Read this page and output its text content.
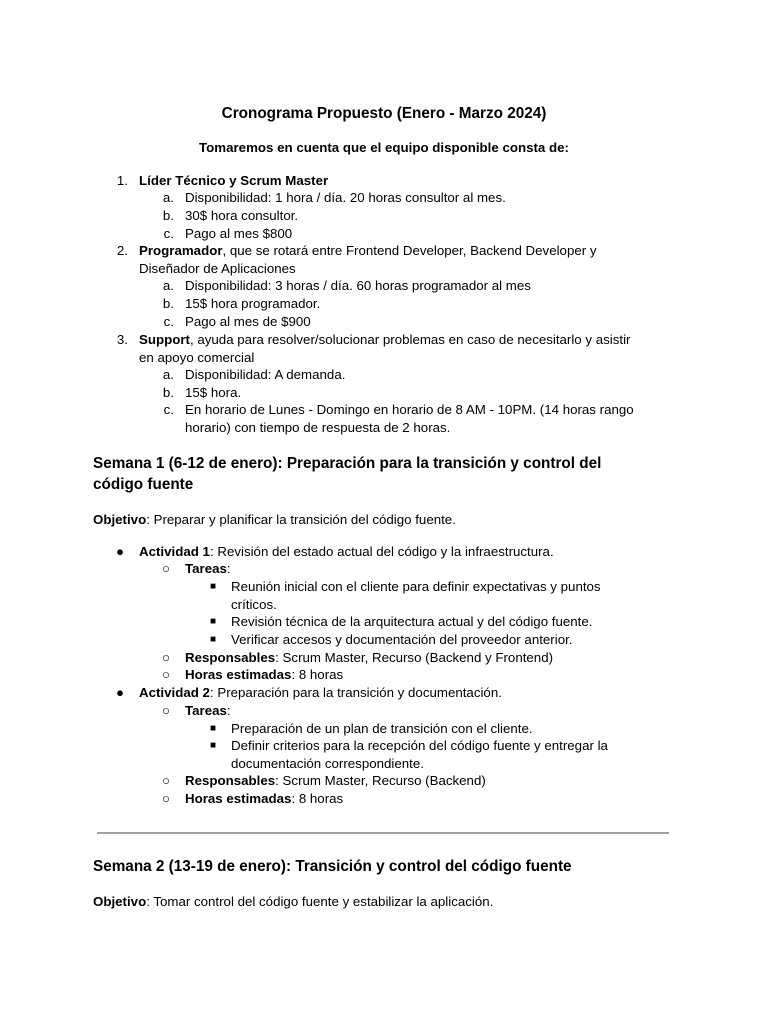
Cronograma Propuesto (Enero - Marzo 2024)
Tomaremos en cuenta que el equipo disponible consta de:
1. Líder Técnico y Scrum Master
a. Disponibilidad: 1 hora / día. 20 horas consultor al mes.
b. 30$ hora consultor.
c. Pago al mes $800
2. Programador, que se rotará entre Frontend Developer, Backend Developer y
Diseñador de Aplicaciones
a. Disponibilidad: 3 horas / día. 60 horas programador al mes
b. 15$ hora programador.
c. Pago al mes de $900
3. Support, ayuda para resolver/solucionar problemas en caso de necesitarlo y asistir
en apoyo comercial
a. Disponibilidad: A demanda.
b. 15$ hora.
c. En horario de Lunes - Domingo en horario de 8 AM - 10PM. (14 horas rango
horario) con tiempo de respuesta de 2 horas.
Semana 1 (6-12 de enero): Preparación para la transición y control del
código fuente
Objetivo: Preparar y planificar la transición del código fuente.
● Actividad 1: Revisión del estado actual del código y la infraestructura.
○ Tareas:
■	Reunión inicial con el cliente para definir expectativas y puntos
críticos.
■	Revisión técnica de la arquitectura actual y del código fuente.
■	Verificar accesos y documentación del proveedor anterior.
○ Responsables: Scrum Master, Recurso (Backend y Frontend)
○ Horas estimadas: 8 horas
● Actividad 2: Preparación para la transición y documentación.
○ Tareas:
■	Preparación de un plan de transición con el cliente.
■	Definir criterios para la recepción del código fuente y entregar la
documentación correspondiente.
○ Responsables: Scrum Master, Recurso (Backend)
○ Horas estimadas: 8 horas
Semana 2 (13-19 de enero): Transición y control del código fuente
Objetivo: Tomar control del código fuente y estabilizar la aplicación.
